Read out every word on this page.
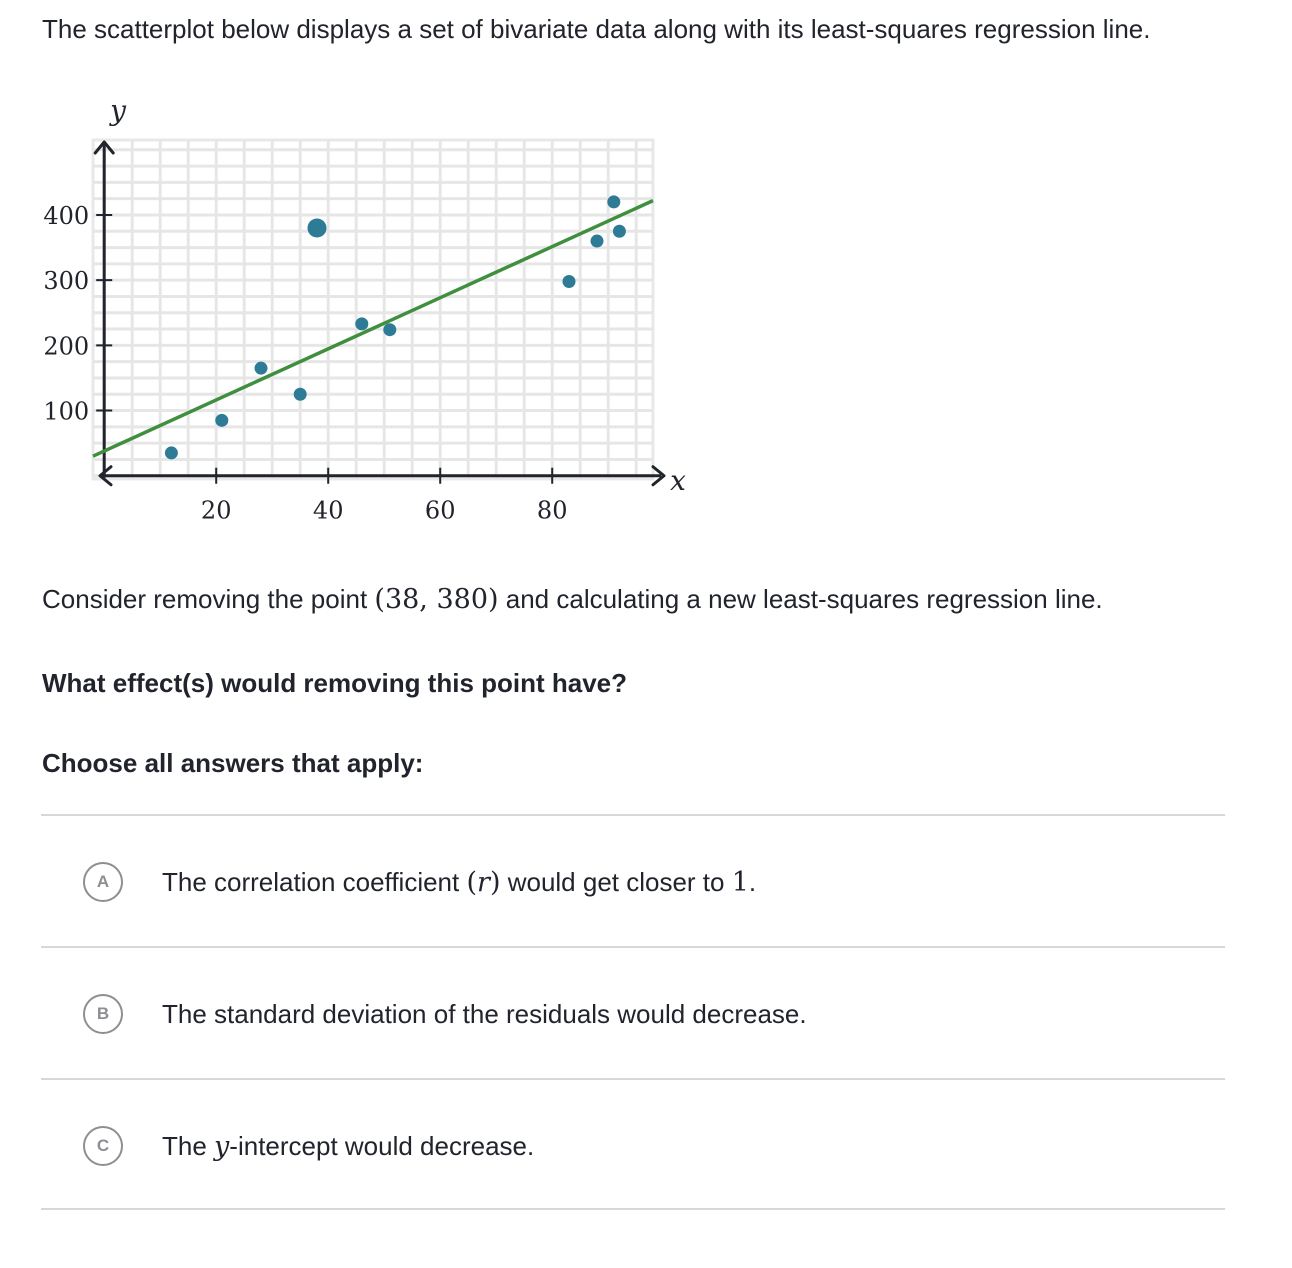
The scatterplot below displays a set of bivariate data along with its least-squares regression line.

20	40	60	80
100
200
300
400
y
x

Consider removing the point (38, 380) and calculating a new least-squares regression line.

What effect(s) would removing this point have?

Choose all answers that apply:

A	The correlation coefficient (r) would get closer to 1.
B	The standard deviation of the residuals would decrease.
C	The y-intercept would decrease.
